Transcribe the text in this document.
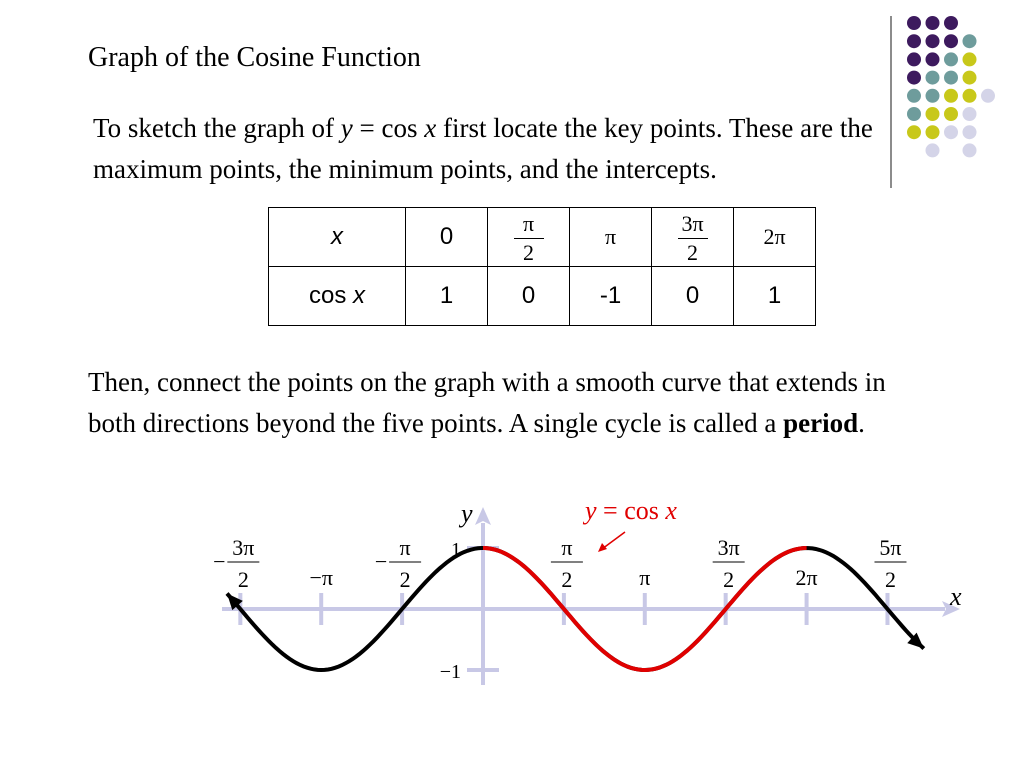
Graph of the Cosine Function

To sketch the graph of y = cos x first locate the key points. These are the maximum points, the minimum points, and the intercepts.

x	0	$\frac{\pi}{2}$	π	$\frac{3\pi}{2}$	2π
cos x	1	0	-1	0	1

Then, connect the points on the graph with a smooth curve that extends in both directions beyond the five points. A single cycle is called a period.

3π
2
−
−π
π
2
−
π
2	π
3π
2	2π
5π
2
1
−1
y
x
y = cos x
